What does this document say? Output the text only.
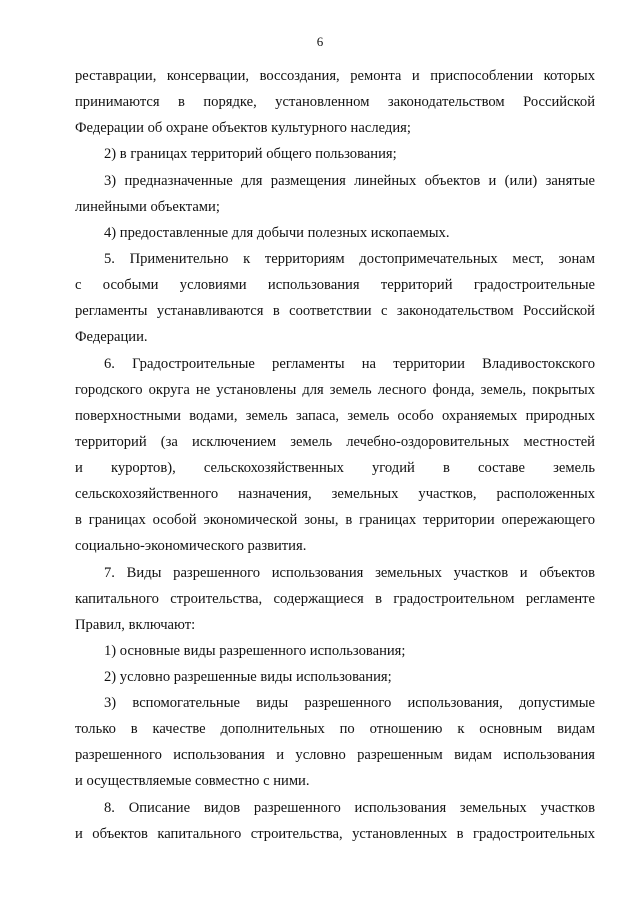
6
реставрации, консервации, воссоздания, ремонта и приспособлении которых
принимаются в порядке, установленном законодательством Российской
Федерации об охране объектов культурного наследия;
2) в границах территорий общего пользования;
3) предназначенные для размещения линейных объектов и (или) занятые
линейными объектами;
4) предоставленные для добычи полезных ископаемых.
5. Применительно к территориям достопримечательных мест, зонам
с особыми условиями использования территорий градостроительные
регламенты устанавливаются в соответствии с законодательством Российской
Федерации.
6. Градостроительные регламенты на территории Владивостокского
городского округа не установлены для земель лесного фонда, земель, покрытых
поверхностными водами, земель запаса, земель особо охраняемых природных
территорий (за исключением земель лечебно-оздоровительных местностей
и курортов), сельскохозяйственных угодий в составе земель
сельскохозяйственного назначения, земельных участков, расположенных
в границах особой экономической зоны, в границах территории опережающего
социально-экономического развития.
7. Виды разрешенного использования земельных участков и объектов
капитального строительства, содержащиеся в градостроительном регламенте
Правил, включают:
1) основные виды разрешенного использования;
2) условно разрешенные виды использования;
3) вспомогательные виды разрешенного использования, допустимые
только в качестве дополнительных по отношению к основным видам
разрешенного использования и условно разрешенным видам использования
и осуществляемые совместно с ними.
8. Описание видов разрешенного использования земельных участков
и объектов капитального строительства, установленных в градостроительных
